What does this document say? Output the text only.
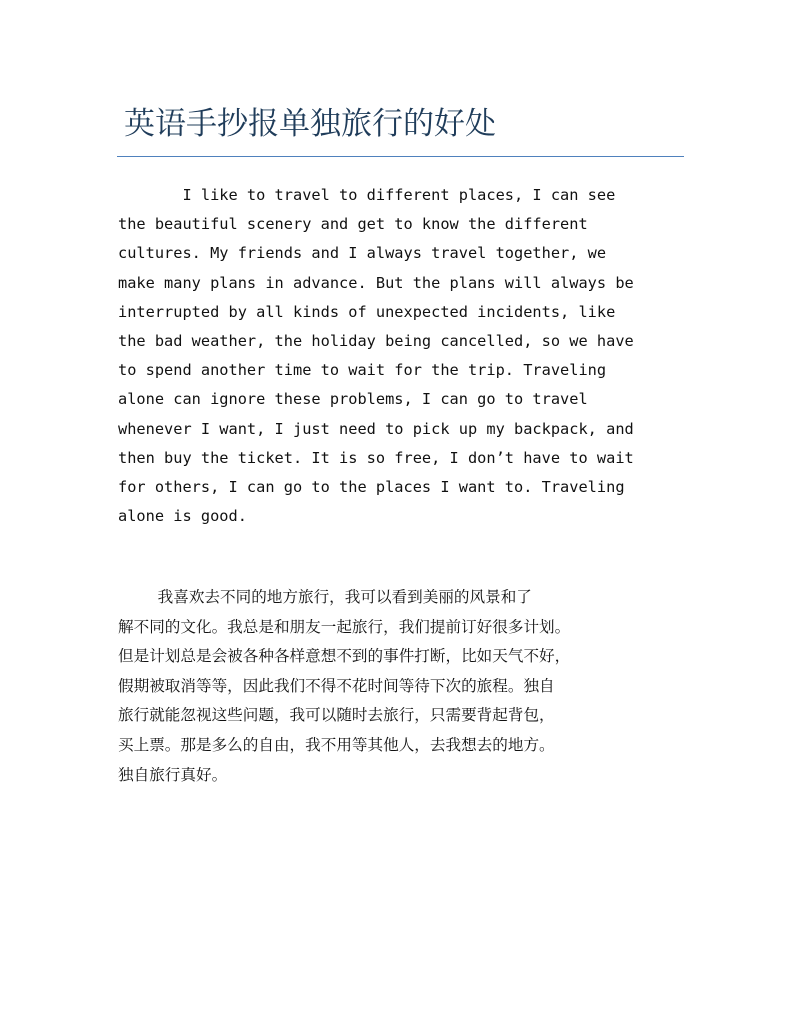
英语手抄报单独旅行的好处
I like to travel to different places, I can see
the beautiful scenery and get to know the different
cultures. My friends and I always travel together, we
make many plans in advance. But the plans will always be
interrupted by all kinds of unexpected incidents, like
the bad weather, the holiday being cancelled, so we have
to spend another time to wait for the trip. Traveling
alone can ignore these problems, I can go to travel
whenever I want, I just need to pick up my backpack, and
then buy the ticket. It is so free, I don’t have to wait
for others, I can go to the places I want to. Traveling
alone is good.
我喜欢去不同的地方旅行，我可以看到美丽的风景和了
解不同的文化。我总是和朋友一起旅行，我们提前订好很多计划。
但是计划总是会被各种各样意想不到的事件打断，比如天气不好，
假期被取消等等，因此我们不得不花时间等待下次的旅程。独自
旅行就能忽视这些问题，我可以随时去旅行，只需要背起背包，
买上票。那是多么的自由，我不用等其他人，去我想去的地方。
独自旅行真好。
